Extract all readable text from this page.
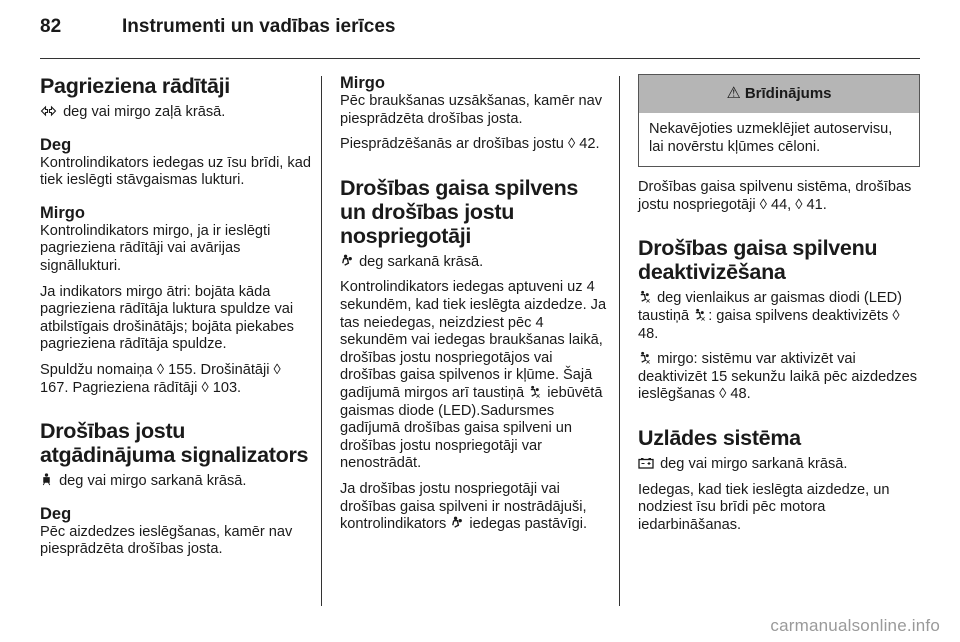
82	Instrumenti un vadības ierīces
Pagrieziena rādītāji

deg vai mirgo zaļā krāsā.

Deg

Kontrolindikators iedegas uz īsu brīdi, kad tiek ieslēgti stāvgaismas lukturi.

Mirgo

Kontrolindikators mirgo, ja ir ieslēgti pagrieziena rādītāji vai avārijas signāllukturi.

Ja indikators mirgo ātri: bojāta kāda pagrieziena rādītāja luktura spuldze vai atbilstīgais drošinātājs; bojāta piekabes pagrieziena rādītāja spuldze.

Spuldžu nomaiņa ◊ 155. Drošinātāji ◊ 167. Pagrieziena rādītāji ◊ 103.

Drošības jostu atgādinājuma signalizators

deg vai mirgo sarkanā krāsā.

Deg

Pēc aizdedzes ieslēgšanas, kamēr nav piesprādzēta drošības josta.

Mirgo

Pēc braukšanas uzsākšanas, kamēr nav piesprādzēta drošības josta.

Piesprādzēšanās ar drošības jostu ◊ 42.

Drošības gaisa spilvens un drošības jostu nospriegotāji

deg sarkanā krāsā.

Kontrolindikators iedegas aptuveni uz 4 sekundēm, kad tiek ieslēgta aizdedze. Ja tas neiedegas, neizdziest pēc 4 sekundēm vai iedegas braukšanas laikā, drošības jostu nospriegotājos vai drošības gaisa spilvenos ir kļūme. Šajā gadījumā mirgos arī taustiņā iebūvētā gaismas diode (LED).Sadursmes gadījumā drošības gaisa spilveni un drošības jostu nospriegotāji var nenostrādāt.

Ja drošības jostu nospriegotāji vai drošības gaisa spilveni ir nostrādājuši, kontrolindikators iedegas pastāvīgi.

⚠ Brīdinājums
Nekavējoties uzmeklējiet autoservisu, lai novērstu kļūmes cēloni.

Drošības gaisa spilvenu sistēma, drošības jostu nospriegotāji ◊ 44, ◊ 41.

Drošības gaisa spilvenu deaktivizēšana

deg vienlaikus ar gaismas diodi (LED) taustiņā : gaisa spilvens deaktivizēts ◊ 48.

mirgo: sistēmu var aktivizēt vai deaktivizēt 15 sekunžu laikā pēc aizdedzes ieslēgšanas ◊ 48.

Uzlādes sistēma

deg vai mirgo sarkanā krāsā.

Iedegas, kad tiek ieslēgta aizdedze, un nodziest īsu brīdi pēc motora iedarbināšanas.

carmanualsonline.info
